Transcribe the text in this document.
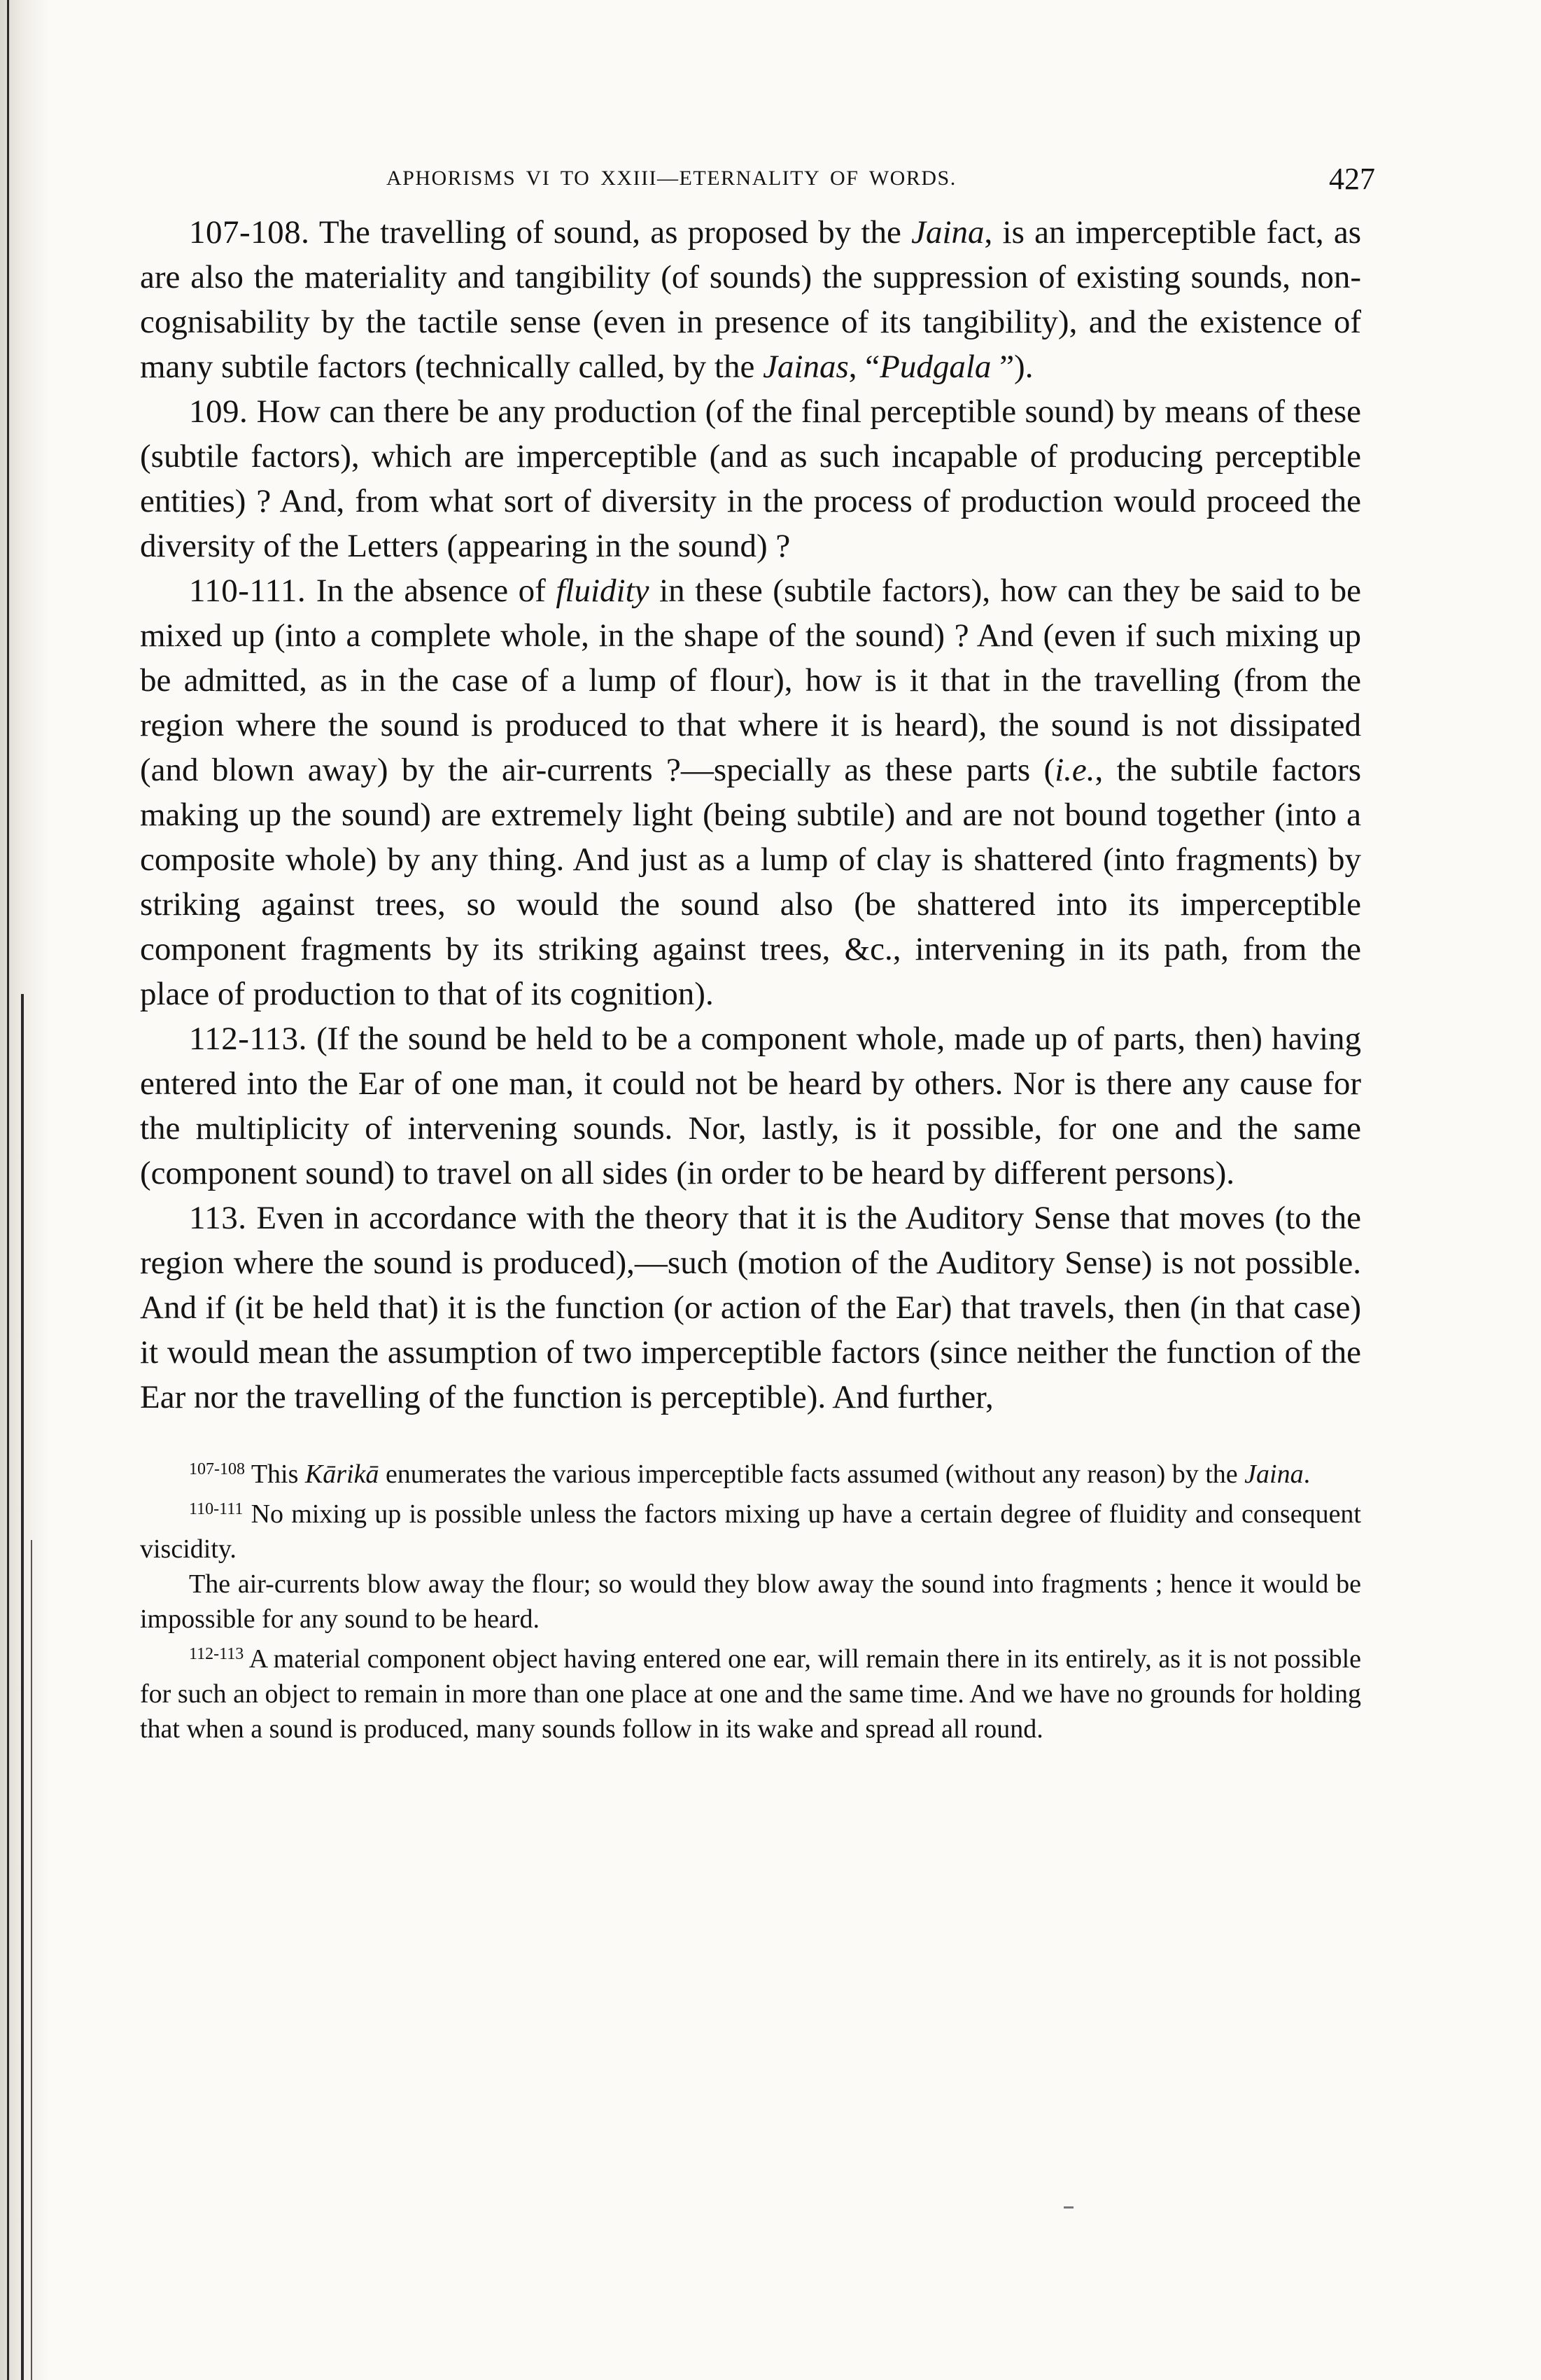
APHORISMS VI TO XXIII—ETERNALITY OF WORDS.	427

107-108. The travelling of sound, as proposed by the Jaina, is an imperceptible fact, as are also the materiality and tangibility (of sounds) the suppression of existing sounds, non-cognisability by the tactile sense (even in presence of its tangibility), and the existence of many subtile factors (technically called, by the Jainas, “Pudgala ”).

109. How can there be any production (of the final perceptible sound) by means of these (subtile factors), which are imperceptible (and as such incapable of producing perceptible entities) ? And, from what sort of diversity in the process of production would proceed the diversity of the Letters (appearing in the sound) ?

110-111. In the absence of fluidity in these (subtile factors), how can they be said to be mixed up (into a complete whole, in the shape of the sound) ? And (even if such mixing up be admitted, as in the case of a lump of flour), how is it that in the travelling (from the region where the sound is produced to that where it is heard), the sound is not dissipated (and blown away) by the air-currents ?—specially as these parts (i.e., the subtile factors making up the sound) are extremely light (being subtile) and are not bound together (into a composite whole) by any thing. And just as a lump of clay is shattered (into fragments) by striking against trees, so would the sound also (be shattered into its imperceptible component fragments by its striking against trees, &c., intervening in its path, from the place of production to that of its cognition).

112-113. (If the sound be held to be a component whole, made up of parts, then) having entered into the Ear of one man, it could not be heard by others. Nor is there any cause for the multiplicity of intervening sounds. Nor, lastly, is it possible, for one and the same (component sound) to travel on all sides (in order to be heard by different persons).

113. Even in accordance with the theory that it is the Auditory Sense that moves (to the region where the sound is produced),—such (motion of the Auditory Sense) is not possible. And if (it be held that) it is the function (or action of the Ear) that travels, then (in that case) it would mean the assumption of two imperceptible factors (since neither the function of the Ear nor the travelling of the function is perceptible). And further,

$^{107-108}$ This Kārikā enumerates the various imperceptible facts assumed (without any reason) by the Jaina.

$^{110-111}$ No mixing up is possible unless the factors mixing up have a certain degree of fluidity and consequent viscidity.

The air-currents blow away the flour; so would they blow away the sound into fragments ; hence it would be impossible for any sound to be heard.

$^{112-113}$ A material component object having entered one ear, will remain there in its entirely, as it is not possible for such an object to remain in more than one place at one and the same time. And we have no grounds for holding that when a sound is produced, many sounds follow in its wake and spread all round.
